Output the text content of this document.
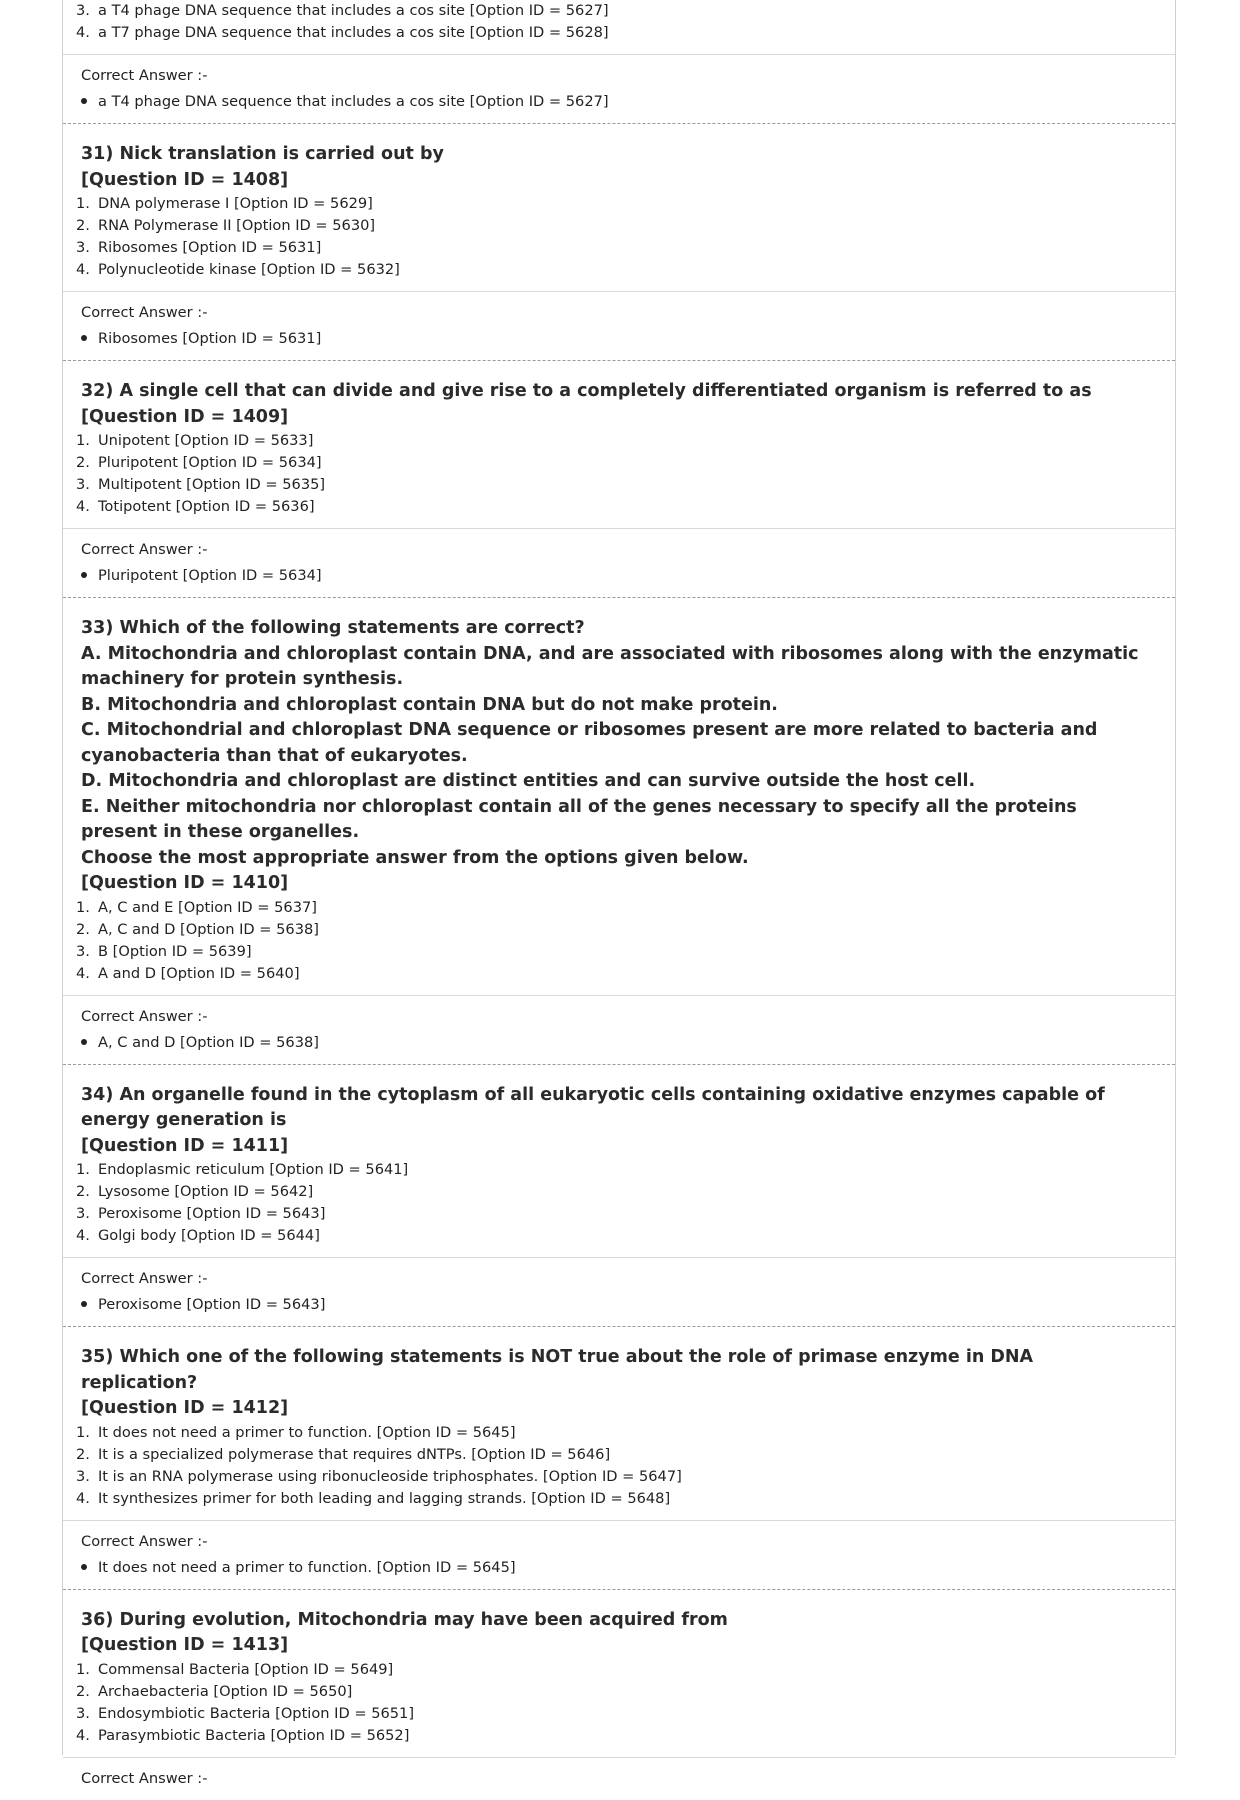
3. a T4 phage DNA sequence that includes a cos site [Option ID = 5627]
4. a T7 phage DNA sequence that includes a cos site [Option ID = 5628]
Correct Answer :-
a T4 phage DNA sequence that includes a cos site [Option ID = 5627]
31) Nick translation is carried out by
[Question ID = 1408]
1. DNA polymerase I [Option ID = 5629]
2. RNA Polymerase II [Option ID = 5630]
3. Ribosomes [Option ID = 5631]
4. Polynucleotide kinase [Option ID = 5632]
Correct Answer :-
Ribosomes [Option ID = 5631]
32) A single cell that can divide and give rise to a completely differentiated organism is referred to as
[Question ID = 1409]
1. Unipotent [Option ID = 5633]
2. Pluripotent [Option ID = 5634]
3. Multipotent [Option ID = 5635]
4. Totipotent [Option ID = 5636]
Correct Answer :-
Pluripotent [Option ID = 5634]
33) Which of the following statements are correct?
A. Mitochondria and chloroplast contain DNA, and are associated with ribosomes along with the enzymatic machinery for protein synthesis.
B. Mitochondria and chloroplast contain DNA but do not make protein.
C. Mitochondrial and chloroplast DNA sequence or ribosomes present are more related to bacteria and cyanobacteria than that of eukaryotes.
D. Mitochondria and chloroplast are distinct entities and can survive outside the host cell.
E. Neither mitochondria nor chloroplast contain all of the genes necessary to specify all the proteins present in these organelles.
Choose the most appropriate answer from the options given below.
[Question ID = 1410]
1. A, C and E [Option ID = 5637]
2. A, C and D [Option ID = 5638]
3. B [Option ID = 5639]
4. A and D [Option ID = 5640]
Correct Answer :-
A, C and D [Option ID = 5638]
34) An organelle found in the cytoplasm of all eukaryotic cells containing oxidative enzymes capable of energy generation is
[Question ID = 1411]
1. Endoplasmic reticulum [Option ID = 5641]
2. Lysosome [Option ID = 5642]
3. Peroxisome [Option ID = 5643]
4. Golgi body [Option ID = 5644]
Correct Answer :-
Peroxisome [Option ID = 5643]
35) Which one of the following statements is NOT true about the role of primase enzyme in DNA replication?
[Question ID = 1412]
1. It does not need a primer to function. [Option ID = 5645]
2. It is a specialized polymerase that requires dNTPs. [Option ID = 5646]
3. It is an RNA polymerase using ribonucleoside triphosphates. [Option ID = 5647]
4. It synthesizes primer for both leading and lagging strands. [Option ID = 5648]
Correct Answer :-
It does not need a primer to function. [Option ID = 5645]
36) During evolution, Mitochondria may have been acquired from
[Question ID = 1413]
1. Commensal Bacteria [Option ID = 5649]
2. Archaebacteria [Option ID = 5650]
3. Endosymbiotic Bacteria [Option ID = 5651]
4. Parasymbiotic Bacteria [Option ID = 5652]
Correct Answer :-
